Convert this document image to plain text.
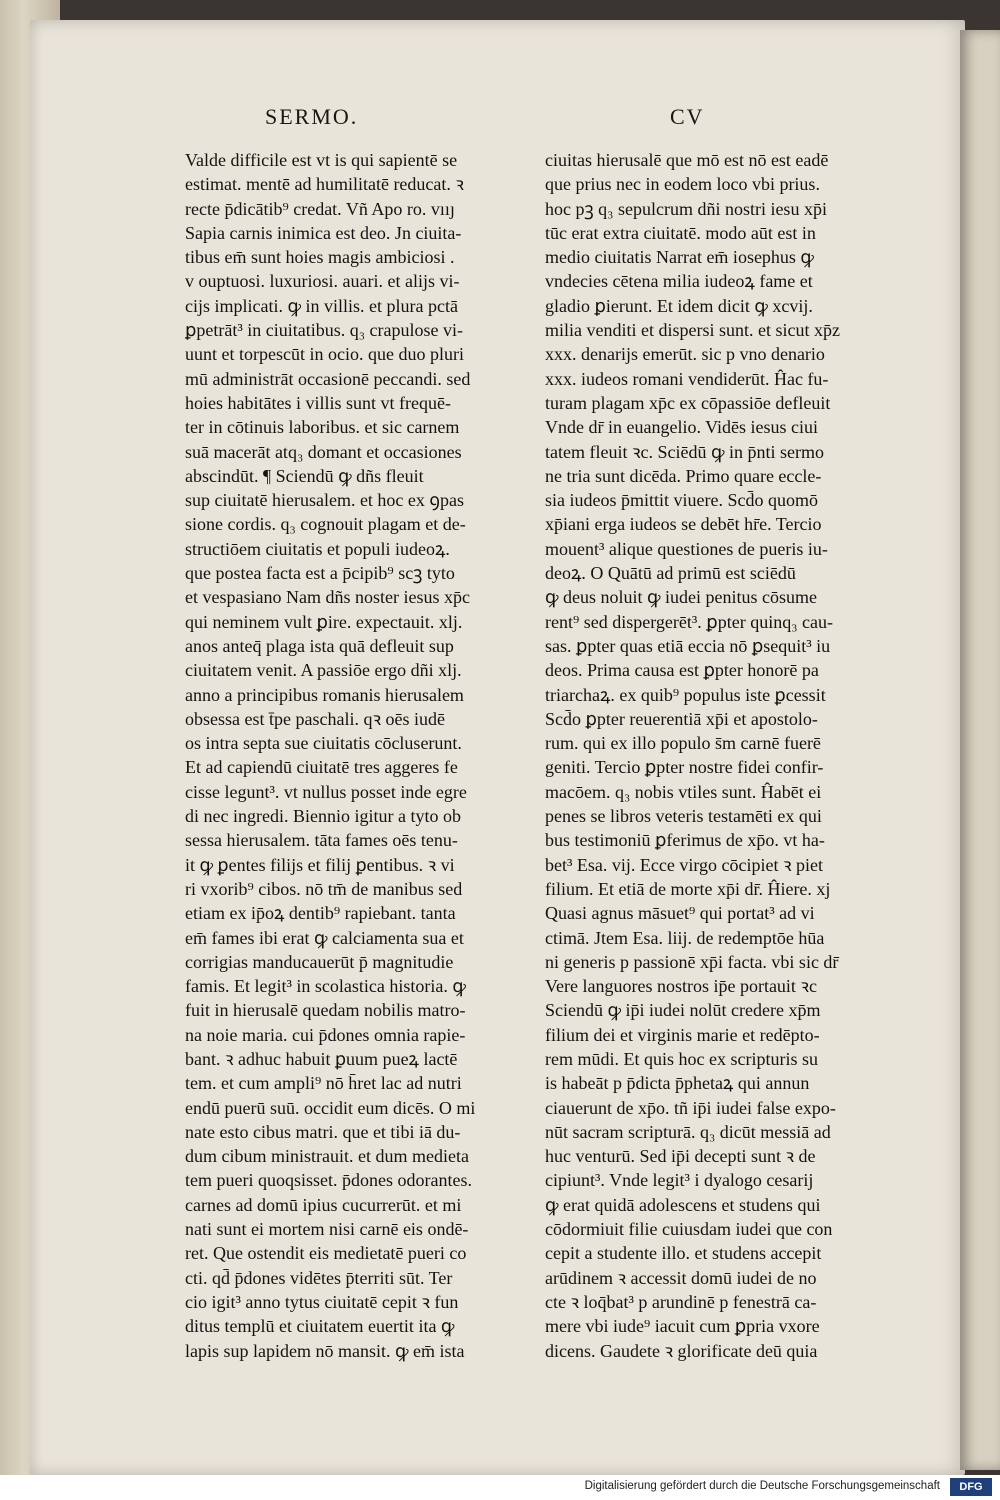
SERMO.	CV
Valde difficile est vt is qui sapientē se
estimat. mentē ad humilitatē reducat. ꝛ
recte p̄dicātib⁹ credat. Vñ Apo ro. vııȷ
Sapia carnis inimica est deo. Jn ciuita-
tibus em̄ sunt hoies magis ambiciosi .
v ouptuosi. luxuriosi. auari. et alijs vi-
cijs implicati. ꝙ in villis. et plura pctā
ꝑpetrāt³ in ciuitatibus. q₃ crapulose vi-
uunt et torpescūt in ocio. que duo pluri
mū administrāt occasionē peccandi. sed
hoies habitātes i villis sunt vt frequē-
ter in cōtinuis laboribus. et sic carnem
suā macerāt atq₃ domant et occasiones
abscindūt. ¶ Sciendū ꝙ dñs fleuit
sup ciuitatē hierusalem. et hoc ex ꝯpas
sione cordis. q₃ cognouit plagam et de-
structiōem ciuitatis et populi iudeoꝝ.
que postea facta est a p̄cipib⁹ scꝫ tyto
et vespasiano Nam dñs noster iesus xp̄c
qui neminem vult ꝑire. expectauit. xlj.
anos anteq̄ plaga ista quā defleuit sup
ciuitatem venit. A passiōe ergo dñi xlj.
anno a principibus romanis hierusalem
obsessa est t̄pe paschali. qꝛ oēs iudē
os intra septa sue ciuitatis cōcluserunt.
Et ad capiendū ciuitatē tres aggeres fe
cisse legunt³. vt nullus posset inde egre
di nec ingredi. Biennio igitur a tyto ob
sessa hierusalem. tāta fames oēs tenu-
it ꝙ ꝑentes filijs et filij ꝑentibus. ꝛ vi
ri vxorib⁹ cibos. nō tm̄ de manibus sed
etiam ex ip̄oꝝ dentib⁹ rapiebant. tanta
em̄ fames ibi erat ꝙ calciamenta sua et
corrigias manducauerūt p̄ magnitudie
famis. Et legit³ in scolastica historia. ꝙ
fuit in hierusalē quedam nobilis matro-
na noie maria. cui p̄dones omnia rapie-
bant. ꝛ adhuc habuit ꝑuum pueꝝ lactē
tem. et cum ampli⁹ nō h̄ret lac ad nutri
endū puerū suū. occidit eum dicēs. O mi
nate esto cibus matri. que et tibi iā du-
dum cibum ministrauit. et dum medieta
tem pueri quoqsisset. p̄dones odorantes.
carnes ad domū ipius cucurrerūt. et mi
nati sunt ei mortem nisi carnē eis ondē-
ret. Que ostendit eis medietatē pueri co
cti. qd̄ p̄dones vidētes p̄territi sūt. Ter
cio igit³ anno tytus ciuitatē cepit ꝛ fun
ditus templū et ciuitatem euertit ita ꝙ
lapis sup lapidem nō mansit. ꝙ em̄ ista
ciuitas hierusalē que mō est nō est eadē
que prius nec in eodem loco vbi prius.
hoc pꝫ q₃ sepulcrum dñi nostri iesu xp̄i
tūc erat extra ciuitatē. modo aūt est in
medio ciuitatis Narrat em̄ iosephus ꝙ
vndecies cētena milia iudeoꝝ fame et
gladio ꝑierunt. Et idem dicit ꝙ xcvij.
milia venditi et dispersi sunt. et sicut xp̄z
xxx. denarijs emerūt. sic p vno denario
xxx. iudeos romani vendiderūt. Ĥac fu-
turam plagam xp̄c ex cōpassiōe defleuit
Vnde dr̄ in euangelio. Vidēs iesus ciui
tatem fleuit ꝛc. Sciēdū ꝙ in p̄nti sermo
ne tria sunt dicēda. Primo quare eccle-
sia iudeos p̄mittit viuere. Scd̄o quomō
xp̄iani erga iudeos se debēt hr̄e. Tercio
mouent³ alique questiones de pueris iu-
deoꝝ. O Quātū ad primū est sciēdū
ꝙ deus noluit ꝙ iudei penitus cōsume
rent⁹ sed dispergerēt³. ꝑpter quinq₃ cau-
sas. ꝑpter quas etiā eccia nō ꝑsequit³ iu
deos. Prima causa est ꝑpter honorē pa
triarchaꝝ. ex quib⁹ populus iste ꝑcessit
Scd̄o ꝑpter reuerentiā xp̄i et apostolo-
rum. qui ex illo populo s̄m carnē fuerē
geniti. Tercio ꝑpter nostre fidei confir-
macōem. q₃ nobis vtiles sunt. Ĥabēt ei
penes se libros veteris testamēti ex qui
bus testimoniū ꝑferimus de xp̄o. vt ha-
bet³ Esa. vij. Ecce virgo cōcipiet ꝛ piet
filium. Et etiā de morte xp̄i dr̄. Ĥiere. xj
Quasi agnus māsuet⁹ qui portat³ ad vi
ctimā. Jtem Esa. liij. de redemptōe hūa
ni generis p passionē xp̄i facta. vbi sic dr̄
Vere languores nostros ip̄e portauit ꝛc
Sciendū ꝙ ip̄i iudei nolūt credere xp̄m
filium dei et virginis marie et redēpto-
rem mūdi. Et quis hoc ex scripturis su
is habeāt p p̄dicta p̄phetaꝝ qui annun
ciauerunt de xp̄o. tñ ip̄i iudei false expo-
nūt sacram scripturā. q₃ dicūt messiā ad
huc venturū. Sed ip̄i decepti sunt ꝛ de
cipiunt³. Vnde legit³ i dyalogo cesarij
ꝙ erat quidā adolescens et studens qui
cōdormiuit filie cuiusdam iudei que con
cepit a studente illo. et studens accepit
arūdinem ꝛ accessit domū iudei de no
cte ꝛ loq̄bat³ p arundinē p fenestrā ca-
mere vbi iude⁹ iacuit cum ꝑpria vxore
dicens. Gaudete ꝛ glorificate deū quia
Digitalisierung gefördert durch die Deutsche Forschungsgemeinschaft	DFG
